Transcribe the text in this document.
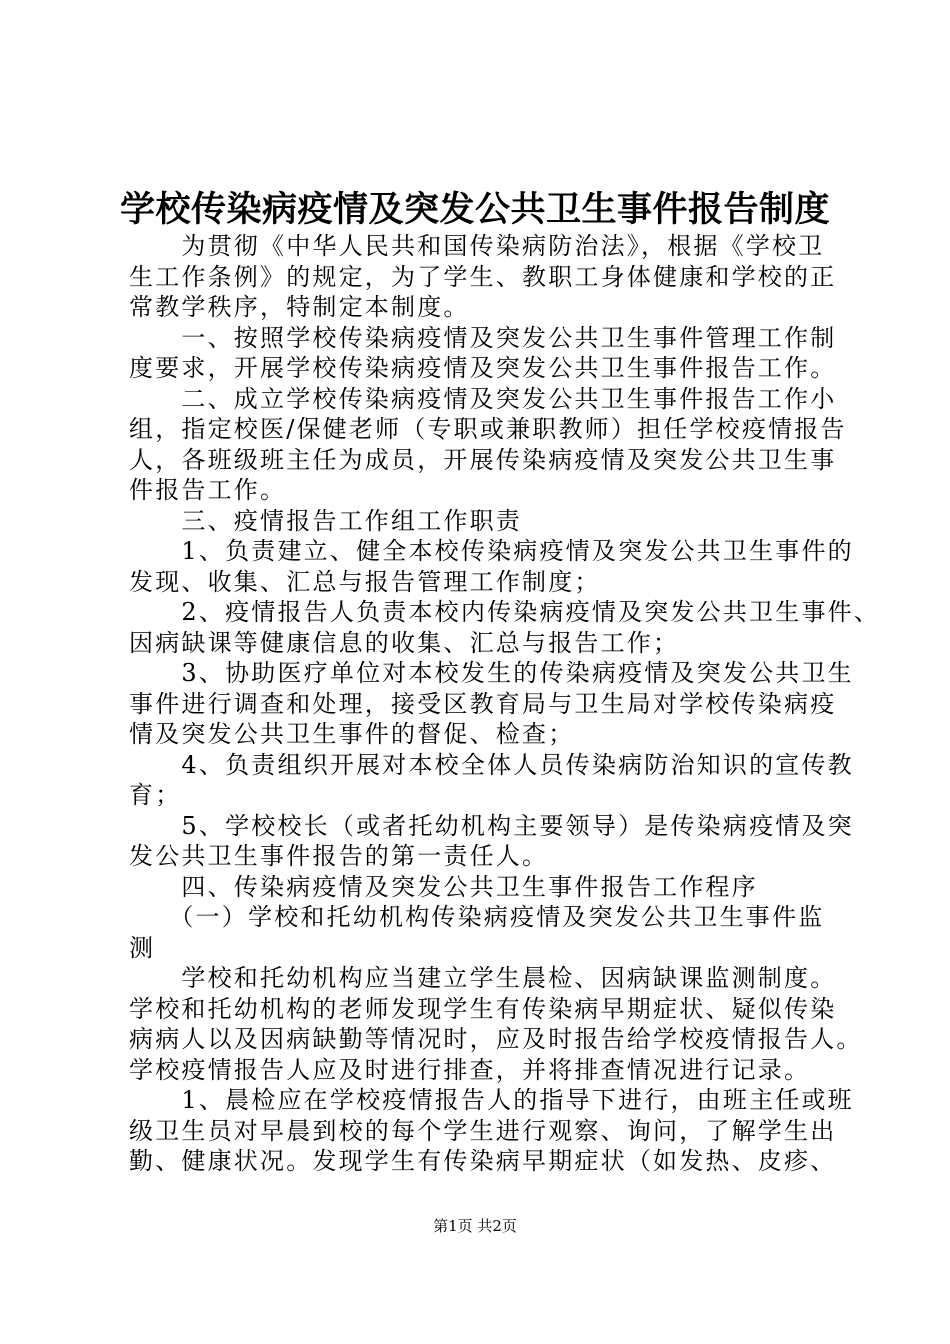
学校传染病疫情及突发公共卫生事件报告制度
　　为贯彻《中华人民共和国传染病防治法》，根据《学校卫
生工作条例》的规定，为了学生、教职工身体健康和学校的正
常教学秩序，特制定本制度。
　　一、按照学校传染病疫情及突发公共卫生事件管理工作制
度要求，开展学校传染病疫情及突发公共卫生事件报告工作。
　　二、成立学校传染病疫情及突发公共卫生事件报告工作小
组，指定校医/保健老师（专职或兼职教师）担任学校疫情报告
人，各班级班主任为成员，开展传染病疫情及突发公共卫生事
件报告工作。
　　三、疫情报告工作组工作职责
　　1、负责建立、健全本校传染病疫情及突发公共卫生事件的
发现、收集、汇总与报告管理工作制度；
　　2、疫情报告人负责本校内传染病疫情及突发公共卫生事件、
因病缺课等健康信息的收集、汇总与报告工作；
　　3、协助医疗单位对本校发生的传染病疫情及突发公共卫生
事件进行调查和处理，接受区教育局与卫生局对学校传染病疫
情及突发公共卫生事件的督促、检查；
　　4、负责组织开展对本校全体人员传染病防治知识的宣传教
育；
　　5、学校校长（或者托幼机构主要领导）是传染病疫情及突
发公共卫生事件报告的第一责任人。
　　四、传染病疫情及突发公共卫生事件报告工作程序
　　（一）学校和托幼机构传染病疫情及突发公共卫生事件监
测
　　学校和托幼机构应当建立学生晨检、因病缺课监测制度。
学校和托幼机构的老师发现学生有传染病早期症状、疑似传染
病病人以及因病缺勤等情况时，应及时报告给学校疫情报告人。
学校疫情报告人应及时进行排查，并将排查情况进行记录。
　　1、晨检应在学校疫情报告人的指导下进行，由班主任或班
级卫生员对早晨到校的每个学生进行观察、询问，了解学生出
勤、健康状况。发现学生有传染病早期症状（如发热、皮疹、
第1页 共2页
